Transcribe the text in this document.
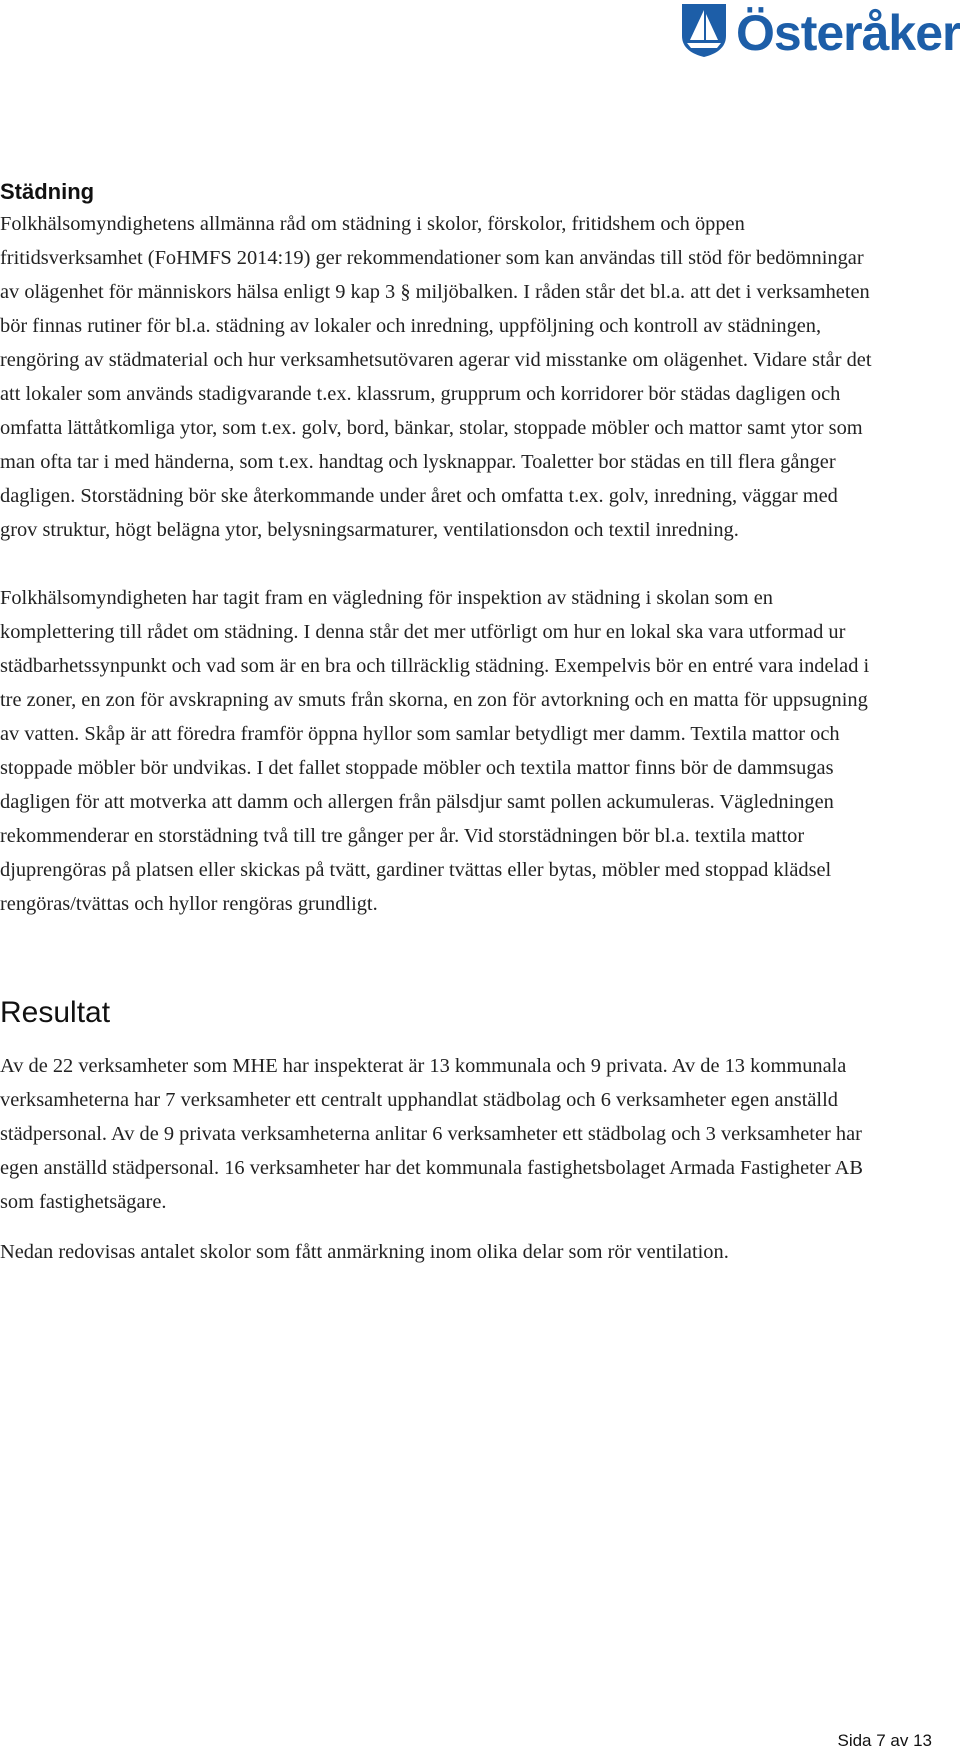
Österåker
Städning

Folkhälsomyndighetens allmänna råd om städning i skolor, förskolor, fritidshem och öppen fritidsverksamhet (FoHMFS 2014:19) ger rekommendationer som kan användas till stöd för bedömningar av olägenhet för människors hälsa enligt 9 kap 3 § miljöbalken. I råden står det bl.a. att det i verksamheten bör finnas rutiner för bl.a. städning av lokaler och inredning, uppföljning och kontroll av städningen, rengöring av städmaterial och hur verksamhetsutövaren agerar vid misstanke om olägenhet. Vidare står det att lokaler som används stadigvarande t.ex. klassrum, grupprum och korridorer bör städas dagligen och omfatta lättåtkomliga ytor, som t.ex. golv, bord, bänkar, stolar, stoppade möbler och mattor samt ytor som man ofta tar i med händerna, som t.ex. handtag och lysknappar. Toaletter bor städas en till flera gånger dagligen. Storstädning bör ske återkommande under året och omfatta t.ex. golv, inredning, väggar med grov struktur, högt belägna ytor, belysningsarmaturer, ventilationsdon och textil inredning.

Folkhälsomyndigheten har tagit fram en vägledning för inspektion av städning i skolan som en komplettering till rådet om städning. I denna står det mer utförligt om hur en lokal ska vara utformad ur städbarhetssynpunkt och vad som är en bra och tillräcklig städning. Exempelvis bör en entré vara indelad i tre zoner, en zon för avskrapning av smuts från skorna, en zon för avtorkning och en matta för uppsugning av vatten. Skåp är att föredra framför öppna hyllor som samlar betydligt mer damm. Textila mattor och stoppade möbler bör undvikas. I det fallet stoppade möbler och textila mattor finns bör de dammsugas dagligen för att motverka att damm och allergen från pälsdjur samt pollen ackumuleras. Vägledningen rekommenderar en storstädning två till tre gånger per år. Vid storstädningen bör bl.a. textila mattor djuprengöras på platsen eller skickas på tvätt, gardiner tvättas eller bytas, möbler med stoppad klädsel rengöras/tvättas och hyllor rengöras grundligt.

Resultat

Av de 22 verksamheter som MHE har inspekterat är 13 kommunala och 9 privata. Av de 13 kommunala verksamheterna har 7 verksamheter ett centralt upphandlat städbolag och 6 verksamheter egen anställd städpersonal. Av de 9 privata verksamheterna anlitar 6 verksamheter ett städbolag och 3 verksamheter har egen anställd städpersonal. 16 verksamheter har det kommunala fastighetsbolaget Armada Fastigheter AB som fastighetsägare.

Nedan redovisas antalet skolor som fått anmärkning inom olika delar som rör ventilation.

Sida 7 av 13
